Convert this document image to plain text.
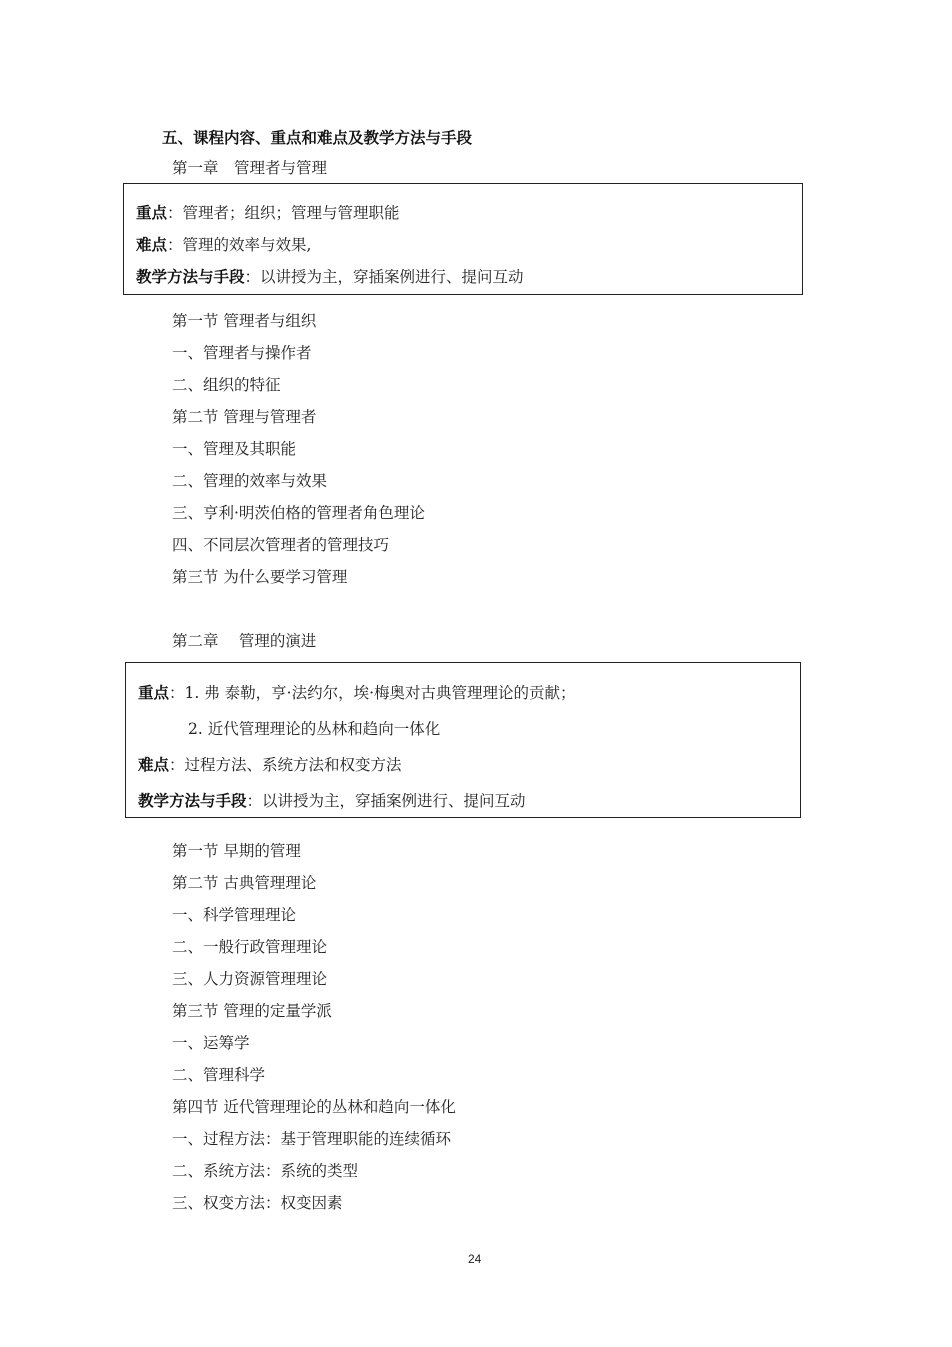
五、课程内容、重点和难点及教学方法与手段
第一章　管理者与管理
重点：管理者；组织；管理与管理职能
难点：管理的效率与效果,
教学方法与手段：以讲授为主，穿插案例进行、提问互动
第一节 管理者与组织
一、管理者与操作者
二、组织的特征
第二节 管理与管理者
一、管理及其职能
二、管理的效率与效果
三、亨利·明茨伯格的管理者角色理论
四、不同层次管理者的管理技巧
第三节 为什么要学习管理
第二章　 管理的演进
重点：1. 弗 泰勒，亨·法约尔，埃·梅奥对古典管理理论的贡献；
2. 近代管理理论的丛林和趋向一体化
难点：过程方法、系统方法和权变方法
教学方法与手段：以讲授为主，穿插案例进行、提问互动
第一节 早期的管理
第二节 古典管理理论
一、科学管理理论
二、一般行政管理理论
三、人力资源管理理论
第三节 管理的定量学派
一、运筹学
二、管理科学
第四节 近代管理理论的丛林和趋向一体化
一、过程方法：基于管理职能的连续循环
二、系统方法：系统的类型
三、权变方法：权变因素
24
